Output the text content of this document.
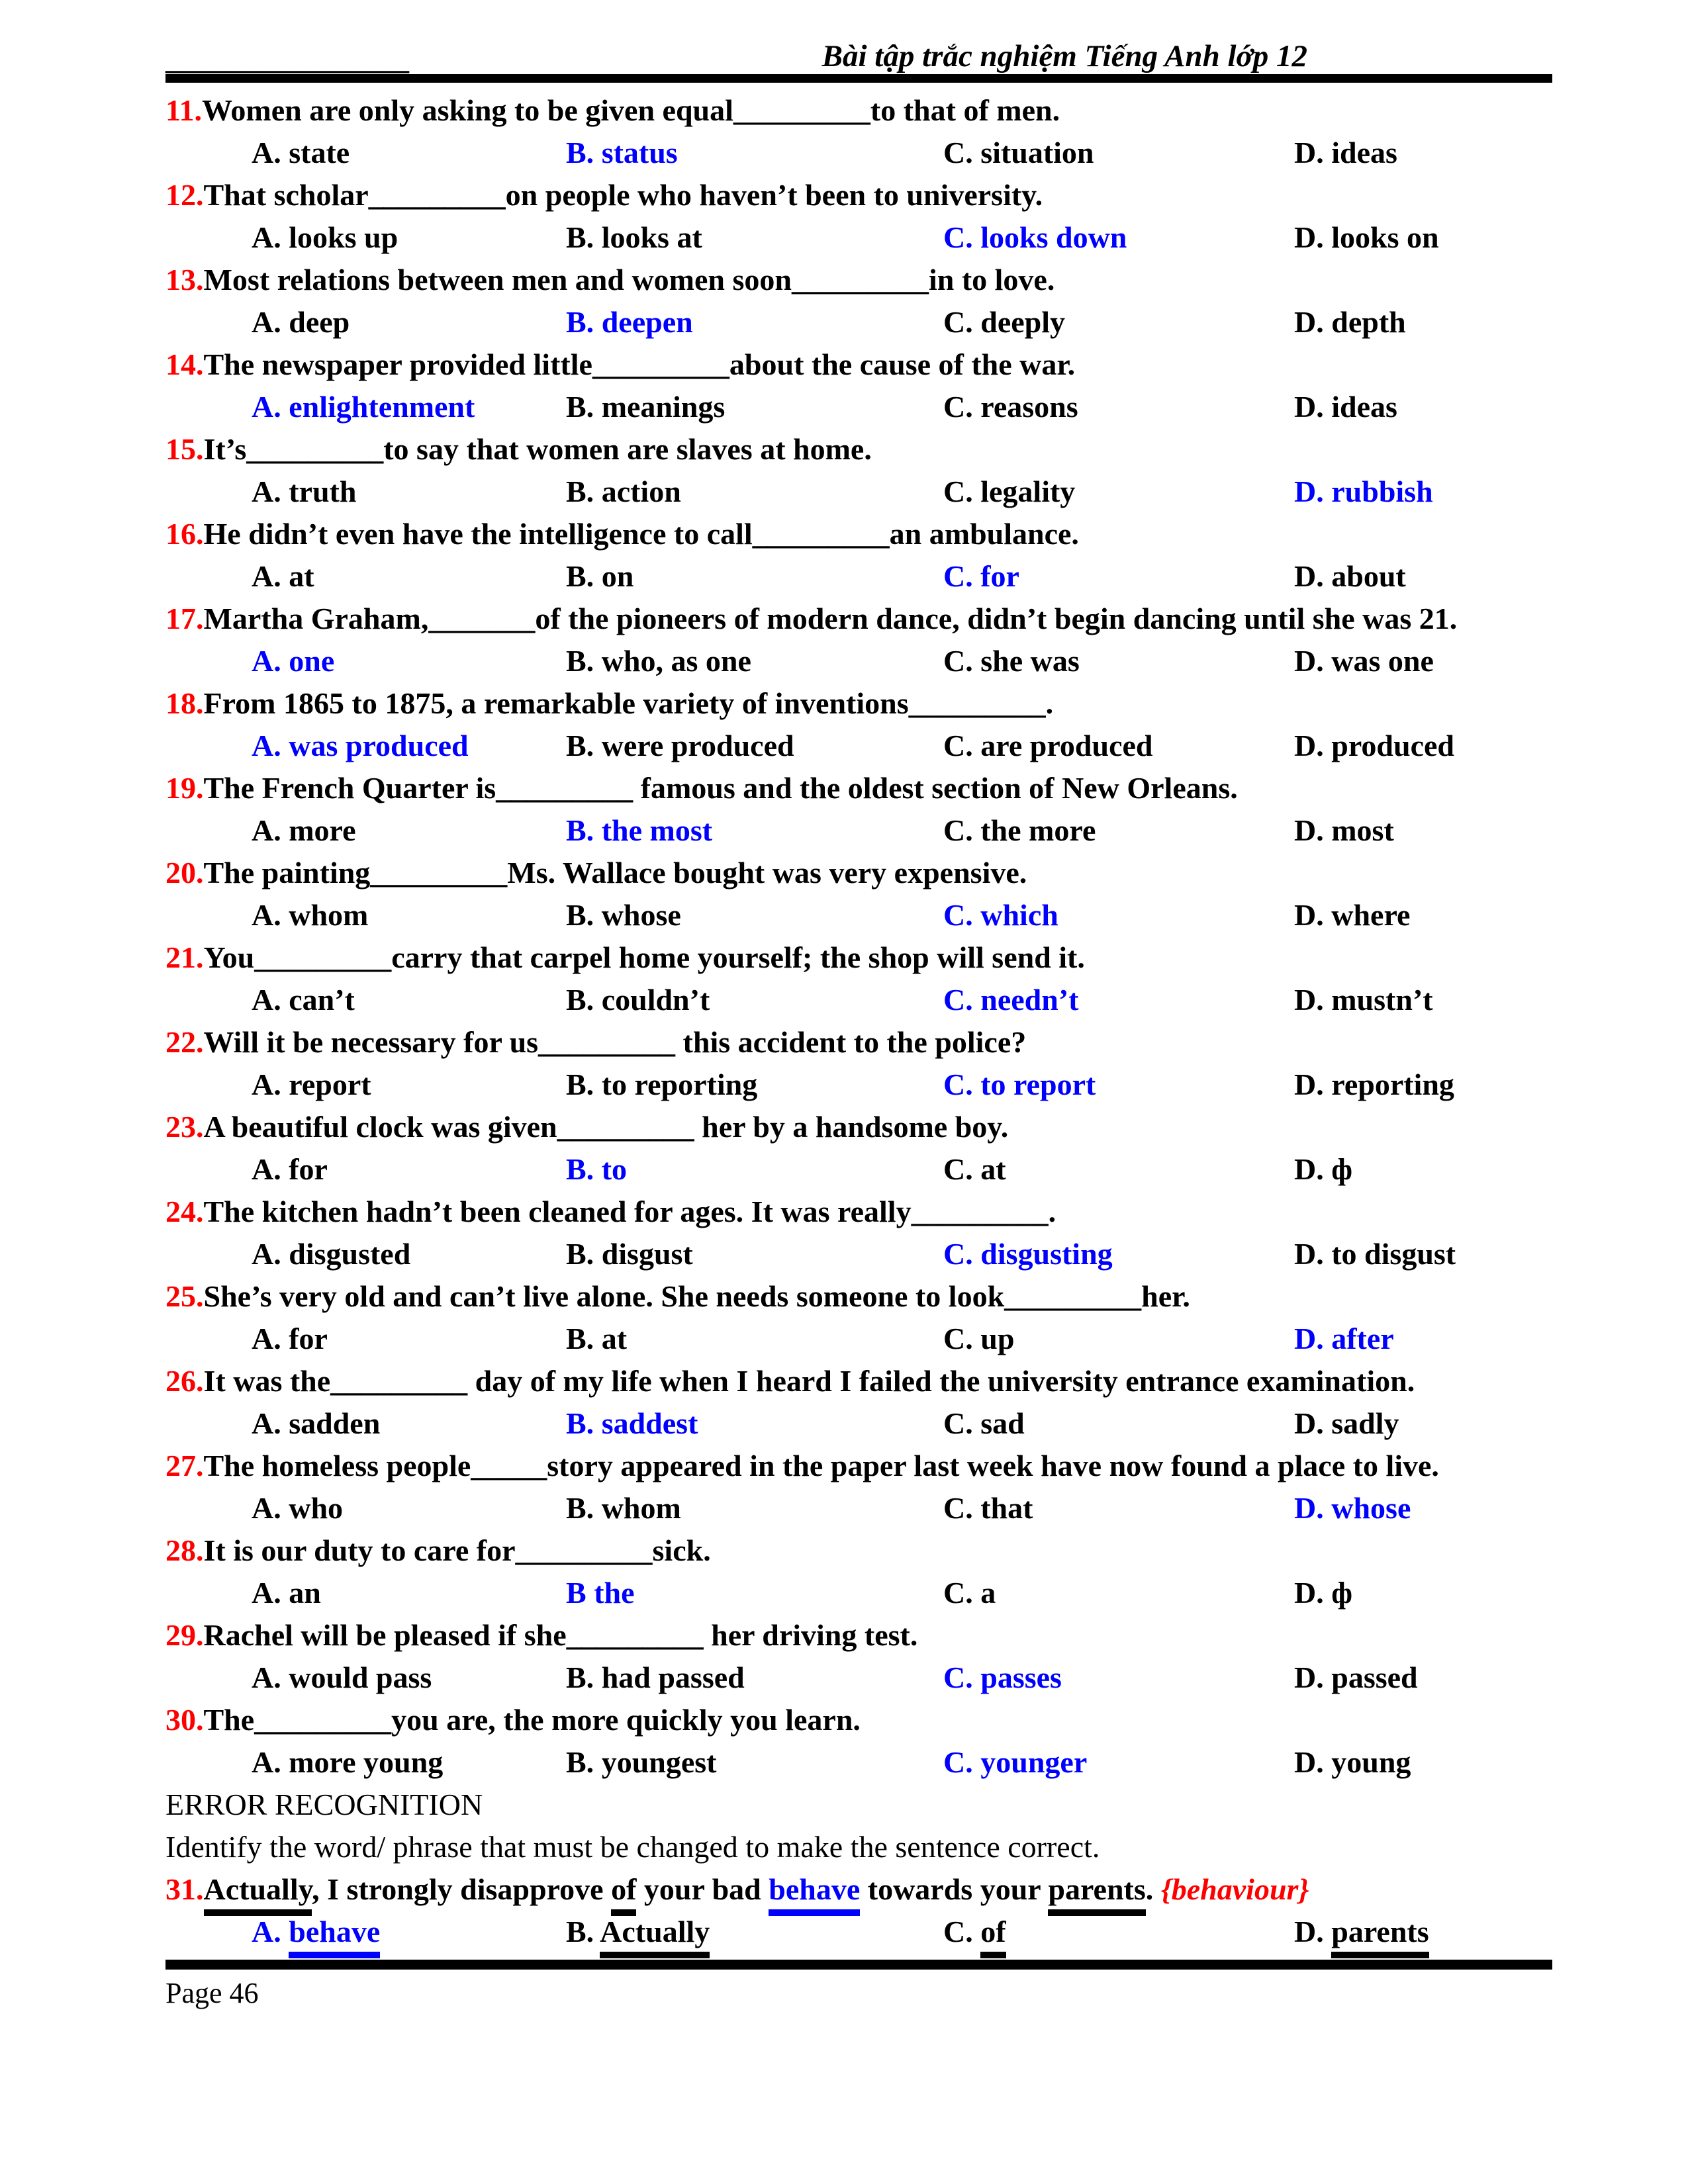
________________	Bài tập trắc nghiệm Tiếng Anh lớp 12

11.Women are only asking to be given equal_________to that of men.

A. state	B. status	C. situation	D. ideas

12.That scholar_________on people who haven’t been to university.

A. looks up	B. looks at	C. looks down	D. looks on

13.Most relations between men and women soon_________in to love.

A. deep	B. deepen	C. deeply	D. depth

14.The newspaper provided little_________about the cause of the war.

A. enlightenment	B. meanings	C. reasons	D. ideas

15.It’s_________to say that women are slaves at home.

A. truth	B. action	C. legality	D. rubbish

16.He didn’t even have the intelligence to call_________an ambulance.

A. at	B. on	C. for	D. about

17.Martha Graham,_______of the pioneers of modern dance, didn’t begin dancing until she was 21.

A. one	B. who, as one	C. she was	D. was one

18.From 1865 to 1875, a remarkable variety of inventions_________.

A. was produced	B. were produced	C. are produced	D. produced

19.The French Quarter is_________ famous and the oldest section of New Orleans.

A. more	B. the most	C. the more	D. most

20.The painting_________Ms. Wallace bought was very expensive.

A. whom	B. whose	C. which	D. where

21.You_________carry that carpel home yourself; the shop will send it.

A. can’t	B. couldn’t	C. needn’t	D. mustn’t

22.Will it be necessary for us_________ this accident to the police?

A. report	B. to reporting	C. to report	D. reporting

23.A beautiful clock was given_________ her by a handsome boy.

A. for	B. to	C. at	D. ф

24.The kitchen hadn’t been cleaned for ages. It was really_________.

A. disgusted	B. disgust	C. disgusting	D. to disgust

25.She’s very old and can’t live alone. She needs someone to look_________her.

A. for	B. at	C. up	D. after

26.It was the_________ day of my life when I heard I failed the university entrance examination.

A. sadden	B. saddest	C. sad	D. sadly

27.The homeless people_____story appeared in the paper last week have now found a place to live.

A. who	B. whom	C. that	D. whose

28.It is our duty to care for_________sick.

A. an	B the	C. a	D. ф

29.Rachel will be pleased if she_________ her driving test.

A. would pass	B. had passed	C. passes	D. passed

30.The_________you are, the more quickly you learn.

A. more young	B. youngest	C. younger	D. young

ERROR RECOGNITION

Identify the word/ phrase that must be changed to make the sentence correct.

31.Actually, I strongly disapprove of your bad behave towards your parents. {behaviour}

A. behave	B. Actually	C. of	D. parents

Page 46
